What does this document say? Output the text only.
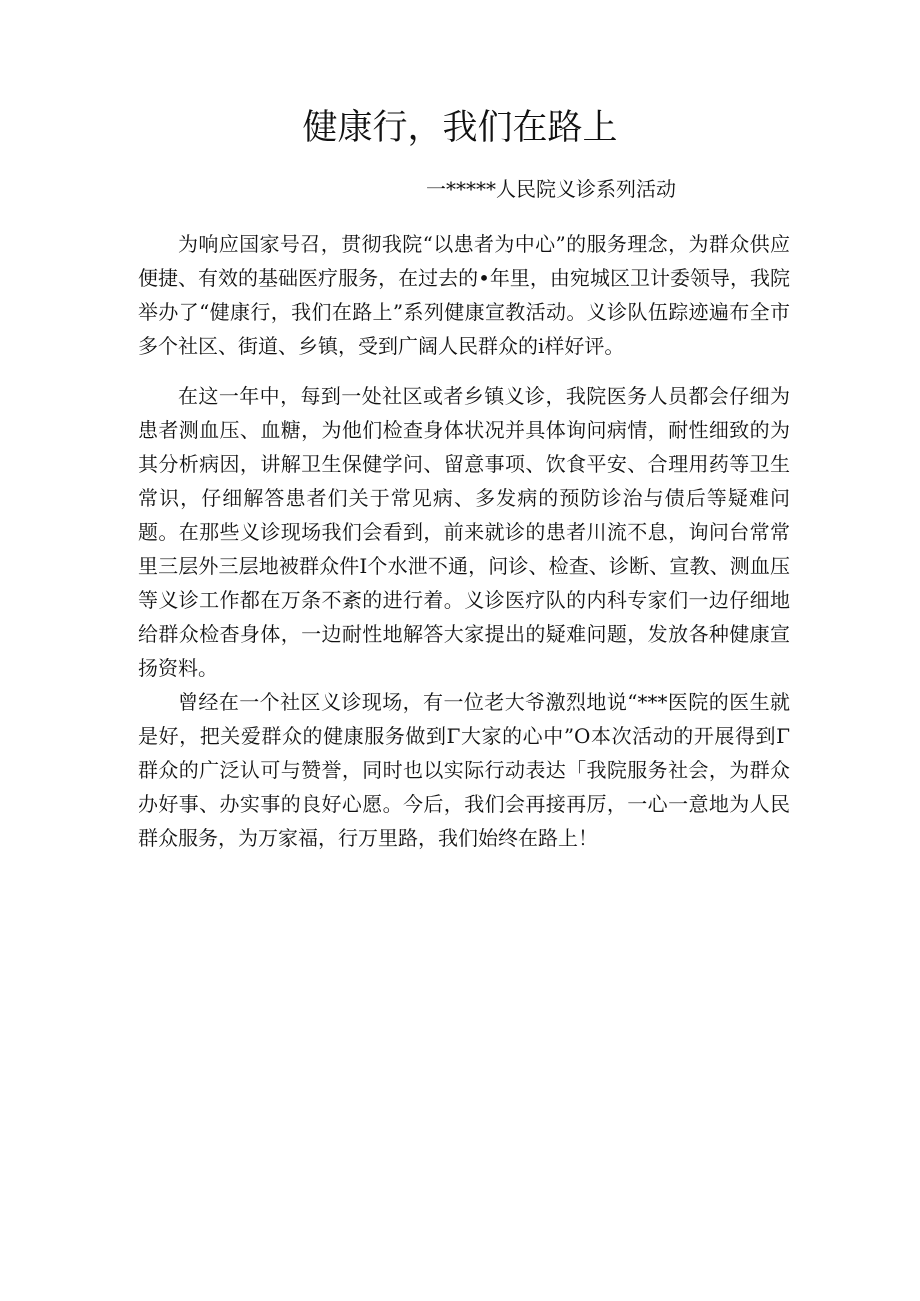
健康行，我们在路上
一*****人民院义诊系列活动

为响应国家号召，贯彻我院“以患者为中心”的服务理念，为群众供应便捷、有效的基础医疗服务，在过去的•年里，由宛城区卫计委领导，我院举办了“健康行，我们在路上”系列健康宣教活动。义诊队伍踪迹遍布全市多个社区、街道、乡镇，受到广阔人民群众的i样好评。

在这一年中，每到一处社区或者乡镇义诊，我院医务人员都会仔细为患者测血压、血糖，为他们检查身体状况并具体询问病情，耐性细致的为其分析病因，讲解卫生保健学问、留意事项、饮食平安、合理用药等卫生常识，仔细解答患者们关于常见病、多发病的预防诊治与债后等疑难问题。在那些义诊现场我们会看到，前来就诊的患者川流不息，询问台常常里三层外三层地被群众件I个水泄不通，问诊、检查、诊断、宣教、测血压等义诊工作都在万条不紊的进行着。义诊医疗队的内科专家们一边仔细地给群众检杳身体，一边耐性地解答大家提出的疑难问题，发放各种健康宣扬资料。

曾经在一个社区义诊现场，有一位老大爷激烈地说“***医院的医生就是好，把关爱群众的健康服务做到Γ大家的心中”O本次活动的开展得到Γ群众的广泛认可与赞誉，同时也以实际行动表达「我院服务社会，为群众办好事、办实事的良好心愿。今后，我们会再接再厉，一心一意地为人民群众服务，为万家福，行万里路，我们始终在路上！
